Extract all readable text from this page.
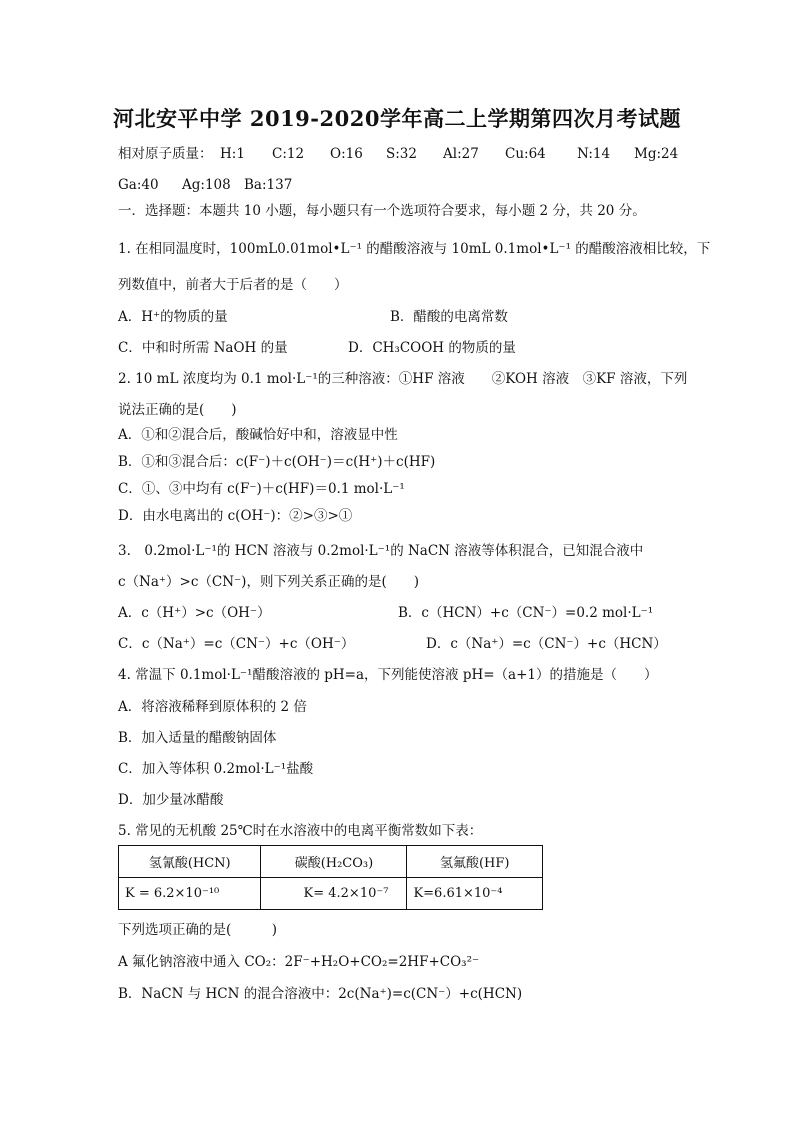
河北安平中学 2019-2020学年高二上学期第四次月考试题
相对原子质量： H:1 C:12 O:16 S:32 Al:27 Cu:64 N:14 Mg:24
Ga:40 Ag:108 Ba:137
一．选择题：本题共 10 小题，每小题只有一个选项符合要求，每小题 2 分，共 20 分。
1. 在相同温度时，100mL0.01mol•L⁻¹ 的醋酸溶液与 10mL 0.1mol•L⁻¹ 的醋酸溶液相比较，下
列数值中，前者大于后者的是（　　）
A．H⁺的物质的量	B．醋酸的电离常数
C．中和时所需 NaOH 的量	D．CH₃COOH 的物质的量
2. 10 mL 浓度均为 0.1 mol·L⁻¹的三种溶液：①HF 溶液　　②KOH 溶液　③KF 溶液，下列
说法正确的是(　　)
A．①和②混合后，酸碱恰好中和，溶液显中性
B．①和③混合后：c(F⁻)＋c(OH⁻)＝c(H⁺)＋c(HF)
C．①、③中均有 c(F⁻)＋c(HF)＝0.1 mol·L⁻¹
D．由水电离出的 c(OH⁻)：②>③>①
3.　0.2mol·L⁻¹的 HCN 溶液与 0.2mol·L⁻¹的 NaCN 溶液等体积混合，已知混合液中
c（Na⁺）>c（CN⁻)，则下列关系正确的是(　　)
A．c（H⁺）>c（OH⁻）	B．c（HCN）+c（CN⁻）=0.2 mol·L⁻¹
C．c（Na⁺）=c（CN⁻）+c（OH⁻）	D．c（Na⁺）=c（CN⁻）+c（HCN）
4. 常温下 0.1mol·L⁻¹醋酸溶液的 pH=a，下列能使溶液 pH=（a+1）的措施是（　　）
A．将溶液稀释到原体积的 2 倍
B．加入适量的醋酸钠固体
C．加入等体积 0.2mol·L⁻¹盐酸
D．加少量冰醋酸
5. 常见的无机酸 25℃时在水溶液中的电离平衡常数如下表：
氢氰酸(HCN)	碳酸(H₂CO₃)	氢氟酸(HF)
K = 6.2×10⁻¹⁰	K= 4.2×10⁻⁷	K=6.61×10⁻⁴
下列选项正确的是(　　　)
A 氟化钠溶液中通入 CO₂：2F⁻+H₂O+CO₂=2HF+CO₃²⁻
B．NaCN 与 HCN 的混合溶液中：2c(Na⁺)=c(CN⁻）+c(HCN)
